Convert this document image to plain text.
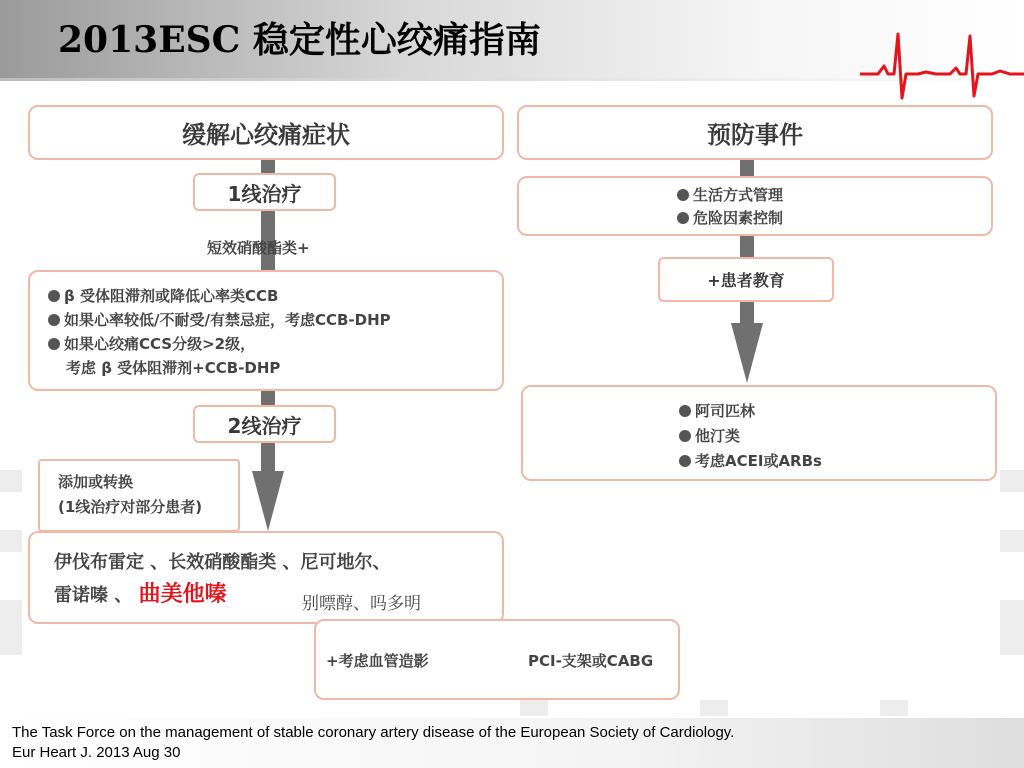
2013ESC 稳定性心绞痛指南
缓解心绞痛症状
1线治疗
短效硝酸酯类+
β 受体阻滞剂或降低心率类CCB
如果心率较低/不耐受/有禁忌症，考虑CCB-DHP
如果心绞痛CCS分级>2级，
考虑 β 受体阻滞剂+CCB-DHP
2线治疗
添加或转换
(1线治疗对部分患者)
伊伐布雷定 、长效硝酸酯类 、尼可地尔、
雷诺嗪 、 曲美他嗪	别嘌醇、吗多明
+考虑血管造影	PCI-支架或CABG
预防事件
生活方式管理
危险因素控制
+患者教育
阿司匹林
他汀类
考虑ACEI或ARBs
The Task Force on the management of stable coronary artery disease of the European Society of Cardiology.
Eur Heart J. 2013 Aug 30
